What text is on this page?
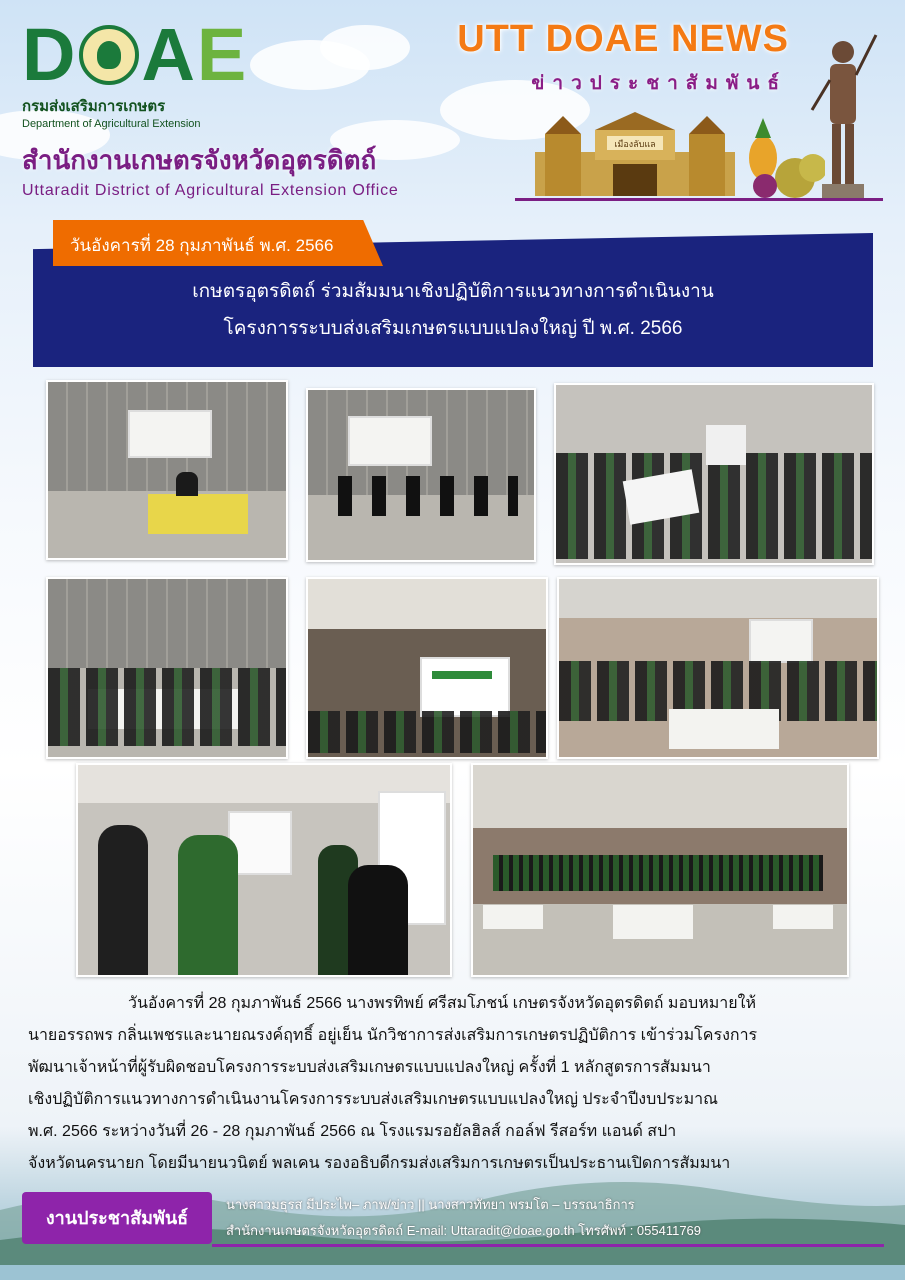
D AE
กรมส่งเสริมการเกษตร
Department of Agricultural Extension
UTT DOAE NEWS
ข่าวประชาสัมพันธ์
เมืองลับแล
สำนักงานเกษตรจังหวัดอุตรดิตถ์
Uttaradit District of Agricultural Extension Office
วันอังคารที่ 28 กุมภาพันธ์ พ.ศ. 2566
เกษตรอุตรดิตถ์ ร่วมสัมมนาเชิงปฏิบัติการแนวทางการดำเนินงาน
โครงการระบบส่งเสริมเกษตรแบบแปลงใหญ่ ปี พ.ศ. 2566
วันอังคารที่ 28 กุมภาพันธ์ 2566 นางพรทิพย์ ศรีสมโภชน์ เกษตรจังหวัดอุตรดิตถ์ มอบหมายให้
นายอรรถพร กลิ่นเพชรและนายณรงค์ฤทธิ์ อยู่เย็น นักวิชาการส่งเสริมการเกษตรปฏิบัติการ เข้าร่วมโครงการ
พัฒนาเจ้าหน้าที่ผู้รับผิดชอบโครงการระบบส่งเสริมเกษตรแบบแปลงใหญ่ ครั้งที่ 1 หลักสูตรการสัมมนา
เชิงปฏิบัติการแนวทางการดำเนินงานโครงการระบบส่งเสริมเกษตรแบบแปลงใหญ่ ประจำปีงบประมาณ
พ.ศ. 2566 ระหว่างวันที่ 26 - 28 กุมภาพันธ์ 2566 ณ โรงแรมรอยัลฮิลส์ กอล์ฟ รีสอร์ท แอนด์ สปา
จังหวัดนครนายก โดยมีนายนวนิตย์ พลเคน รองอธิบดีกรมส่งเสริมการเกษตรเป็นประธานเปิดการสัมมนา
งานประชาสัมพันธ์
นางสาวมธุรส มีประไพ– ภาพ/ข่าว || นางสาวทัทยา พรมโต – บรรณาธิการ
สำนักงานเกษตรจังหวัดอุตรดิตถ์ E-mail: Uttaradit@doae.go.th โทรศัพท์ : 055411769
